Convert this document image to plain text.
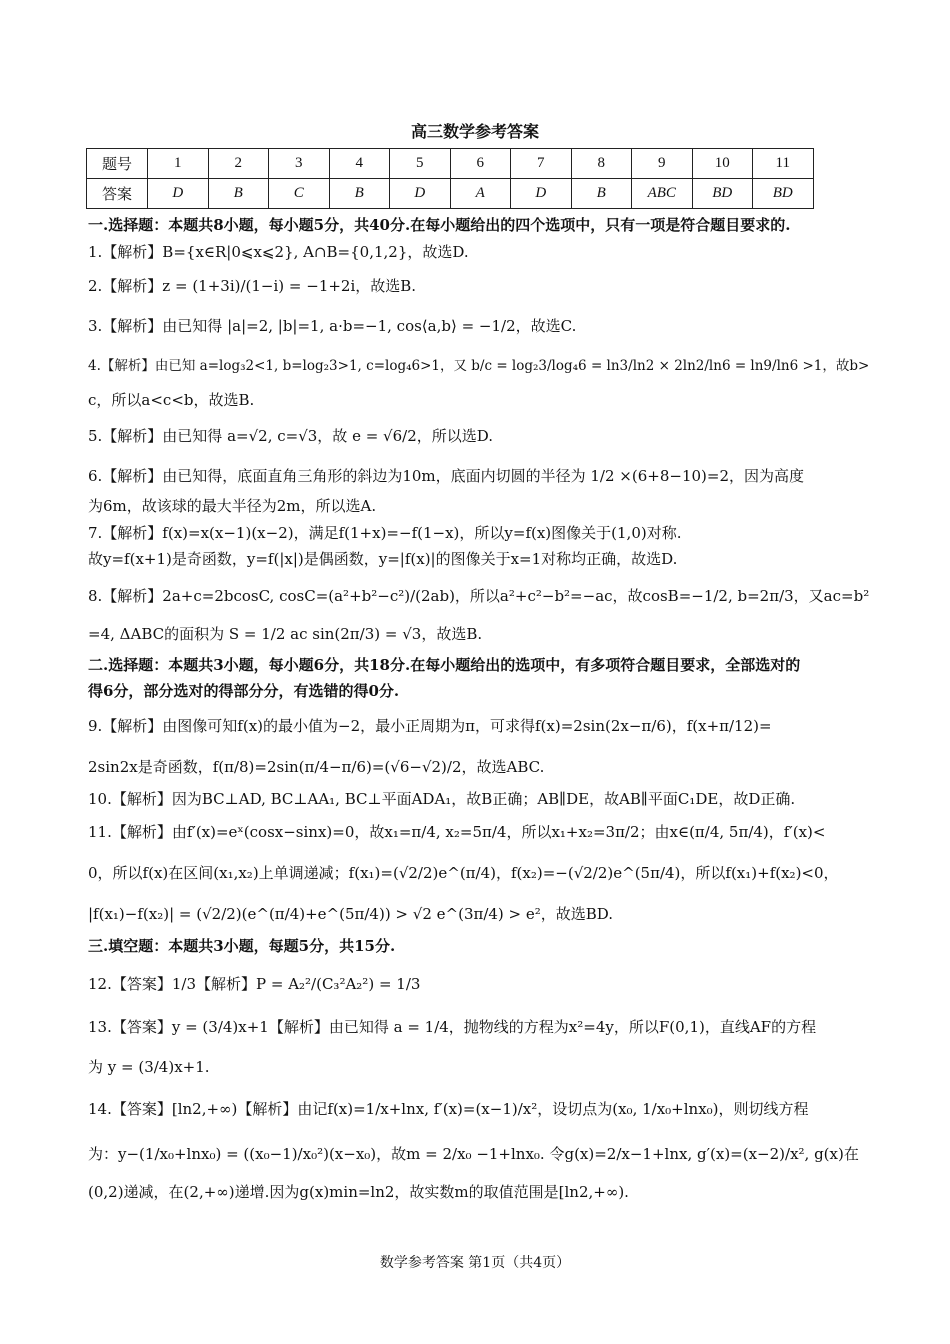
高三数学参考答案
题号	1	2	3	4	5	6	7	8	9	10	11
答案	D	B	C	B	D	A	D	B	ABC	BD	BD
一.选择题：本题共8小题，每小题5分，共40分.在每小题给出的四个选项中，只有一项是符合题目要求的.
1.【解析】B={x∈R|0⩽x⩽2}, A∩B={0,1,2}，故选D.
2.【解析】z = (1+3i)/(1−i) = −1+2i，故选B.
3.【解析】由已知得 |a|=2, |b|=1, a·b=−1, cos⟨a,b⟩ = −1/2，故选C.
4.【解析】由已知 a=log₃2<1, b=log₂3>1, c=log₄6>1，又 b/c = log₂3/log₄6 = ln3/ln2 × 2ln2/ln6 = ln9/ln6 >1，故b>
c，所以a<c<b，故选B.
5.【解析】由已知得 a=√2, c=√3，故 e = √6/2，所以选D.
6.【解析】由已知得，底面直角三角形的斜边为10m，底面内切圆的半径为 1/2 ×(6+8−10)=2，因为高度
为6m，故该球的最大半径为2m，所以选A.
7.【解析】f(x)=x(x−1)(x−2)，满足f(1+x)=−f(1−x)，所以y=f(x)图像关于(1,0)对称.
故y=f(x+1)是奇函数，y=f(|x|)是偶函数，y=|f(x)|的图像关于x=1对称均正确，故选D.
8.【解析】2a+c=2bcosC, cosC=(a²+b²−c²)/(2ab)，所以a²+c²−b²=−ac，故cosB=−1/2, b=2π/3，又ac=b²
=4, ΔABC的面积为 S = 1/2 ac sin(2π/3) = √3，故选B.
二.选择题：本题共3小题，每小题6分，共18分.在每小题给出的选项中，有多项符合题目要求，全部选对的
得6分，部分选对的得部分分，有选错的得0分.
9.【解析】由图像可知f(x)的最小值为−2，最小正周期为π，可求得f(x)=2sin(2x−π/6)，f(x+π/12)=
2sin2x是奇函数，f(π/8)=2sin(π/4−π/6)=(√6−√2)/2，故选ABC.
10.【解析】因为BC⊥AD, BC⊥AA₁, BC⊥平面ADA₁，故B正确；AB∥DE，故AB∥平面C₁DE，故D正确.
11.【解析】由f′(x)=eˣ(cosx−sinx)=0，故x₁=π/4, x₂=5π/4，所以x₁+x₂=3π/2；由x∈(π/4, 5π/4)，f′(x)<
0，所以f(x)在区间(x₁,x₂)上单调递减；f(x₁)=(√2/2)e^(π/4)，f(x₂)=−(√2/2)e^(5π/4)，所以f(x₁)+f(x₂)<0，
|f(x₁)−f(x₂)| = (√2/2)(e^(π/4)+e^(5π/4)) > √2 e^(3π/4) > e²，故选BD.
三.填空题：本题共3小题，每题5分，共15分.
12.【答案】1/3【解析】P = A₂²/(C₃²A₂²) = 1/3
13.【答案】y = (3/4)x+1【解析】由已知得 a = 1/4，抛物线的方程为x²=4y，所以F(0,1)，直线AF的方程
为 y = (3/4)x+1.
14.【答案】[ln2,+∞)【解析】由记f(x)=1/x+lnx, f′(x)=(x−1)/x²，设切点为(x₀, 1/x₀+lnx₀)，则切线方程
为：y−(1/x₀+lnx₀) = ((x₀−1)/x₀²)(x−x₀)，故m = 2/x₀ −1+lnx₀. 令g(x)=2/x−1+lnx, g′(x)=(x−2)/x², g(x)在
(0,2)递减，在(2,+∞)递增.因为g(x)min=ln2，故实数m的取值范围是[ln2,+∞).
数学参考答案 第1页（共4页）
